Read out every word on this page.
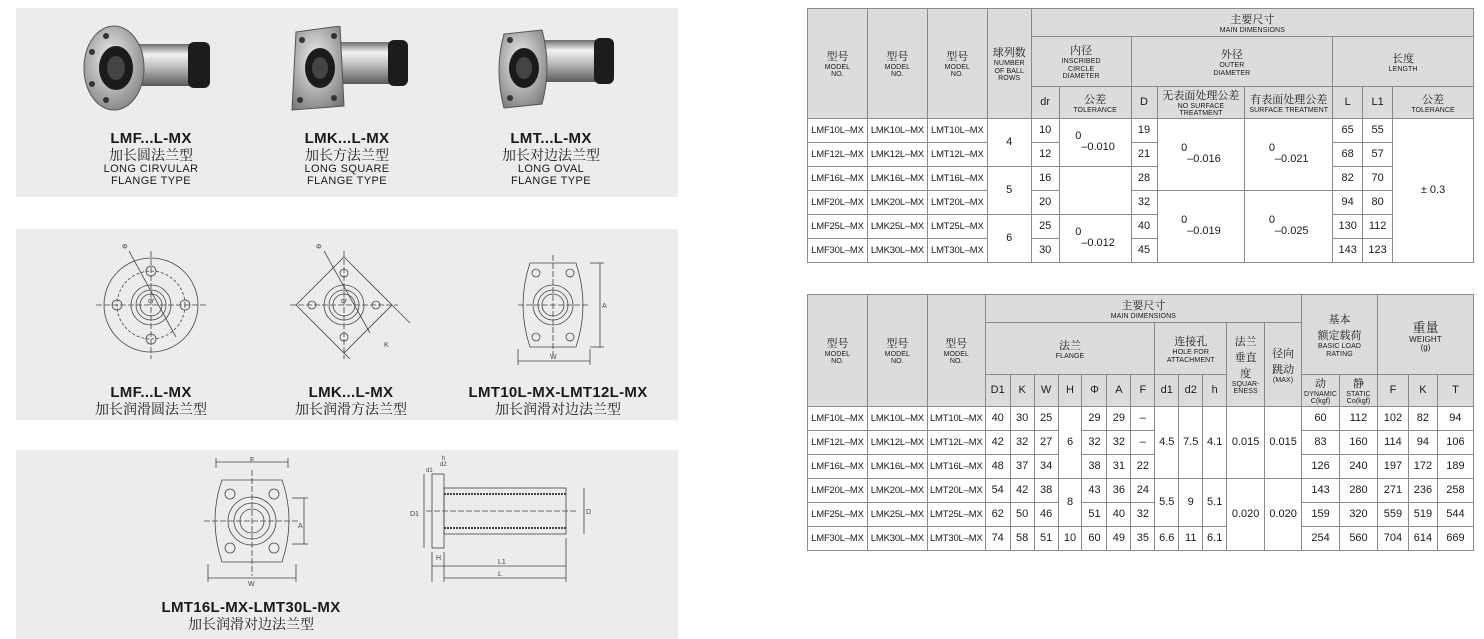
LMF...L-MX
加长圆法兰型
LONG CIRVULAR
FLANGE TYPE
LMK...L-MX
加长方法兰型
LONG SQUARE
FLANGE TYPE
LMT...L-MX
加长对边法兰型
LONG OVAL
FLANGE TYPE
Φ
dr
Φ
dr
K
A
W
LMF...L-MX
加长润滑圆法兰型
LMK...L-MX
加长润滑方法兰型
LMT10L-MX-LMT12L-MX
加长润滑对边法兰型
F
A
W
D1	D
d1
d2
h
H
L1
L
LMT16L-MX-LMT30L-MX
加长润滑对边法兰型
型号
MODEL
NO.	型号
MODEL
NO.	型号
MODEL
NO.	球列数
NUMBER
OF BALL
ROWS	主要尺寸
MAIN DIMENSIONS							

				内径
INSCRIBED
CIRCLE
DIAMETER		外径
OUTER
DIAMETER			长度
LENGTH		

				dr	公差
TOLERANCE	D	无表面处理公差
NO SURFACE TREATMENT	有表面处理公差
SURFACE TREATMENT	L	L1	公差
TOLERANCE

LMF10L–MX	LMK10L–MX	LMT10L–MX	4	10	0
–0.010	19	0
–0.016	0
–0.021	65	55	± 0.3
LMF12L–MX	LMK12L–MX	LMT12L–MX		12		21			68	57	
LMF16L–MX	LMK16L–MX	LMT16L–MX	5	16		28			82	70	
LMF20L–MX	LMK20L–MX	LMT20L–MX		20		32	0
–0.019	0
–0.025	94	80	
LMF25L–MX	LMK25L–MX	LMT25L–MX	6	25	0
–0.012	40			130	112	
LMF30L–MX	LMK30L–MX	LMT30L–MX		30		45			143	123	
型号
MODEL
NO.	型号
MODEL
NO.	型号
MODEL
NO.	主要尺寸
MAIN DIMENSIONS												基本
额定载荷
BASIC LOAD
RATING		重量
WEIGHT
(g)		

			法兰
FLANGE							连接孔
HOLE FOR
ATTACHMENT			法兰垂直度
SQUAR-
ENESS	径向跳动
(MAX)					

			D1	K	W	H	Φ	A	F	d1	d2	h			动
DYNAMIC
C(kgf)	静
STATIC
Co(kgf)	F	K	T
LMF10L–MX	LMK10L–MX	LMT10L–MX	40	30	25	6	29	29	–	4.5	7.5	4.1	0.015	0.015	60	112	102	82	94
LMF12L–MX	LMK12L–MX	LMT12L–MX	42	32	27		32	32	–						83	160	114	94	106
LMF16L–MX	LMK16L–MX	LMT16L–MX	48	37	34		38	31	22						126	240	197	172	189
LMF20L–MX	LMK20L–MX	LMT20L–MX	54	42	38	8	43	36	24	5.5	9	5.1	0.020	0.020	143	280	271	236	258
LMF25L–MX	LMK25L–MX	LMT25L–MX	62	50	46		51	40	32						159	320	559	519	544
LMF30L–MX	LMK30L–MX	LMT30L–MX	74	58	51	10	60	49	35	6.6	11	6.1			254	560	704	614	669
